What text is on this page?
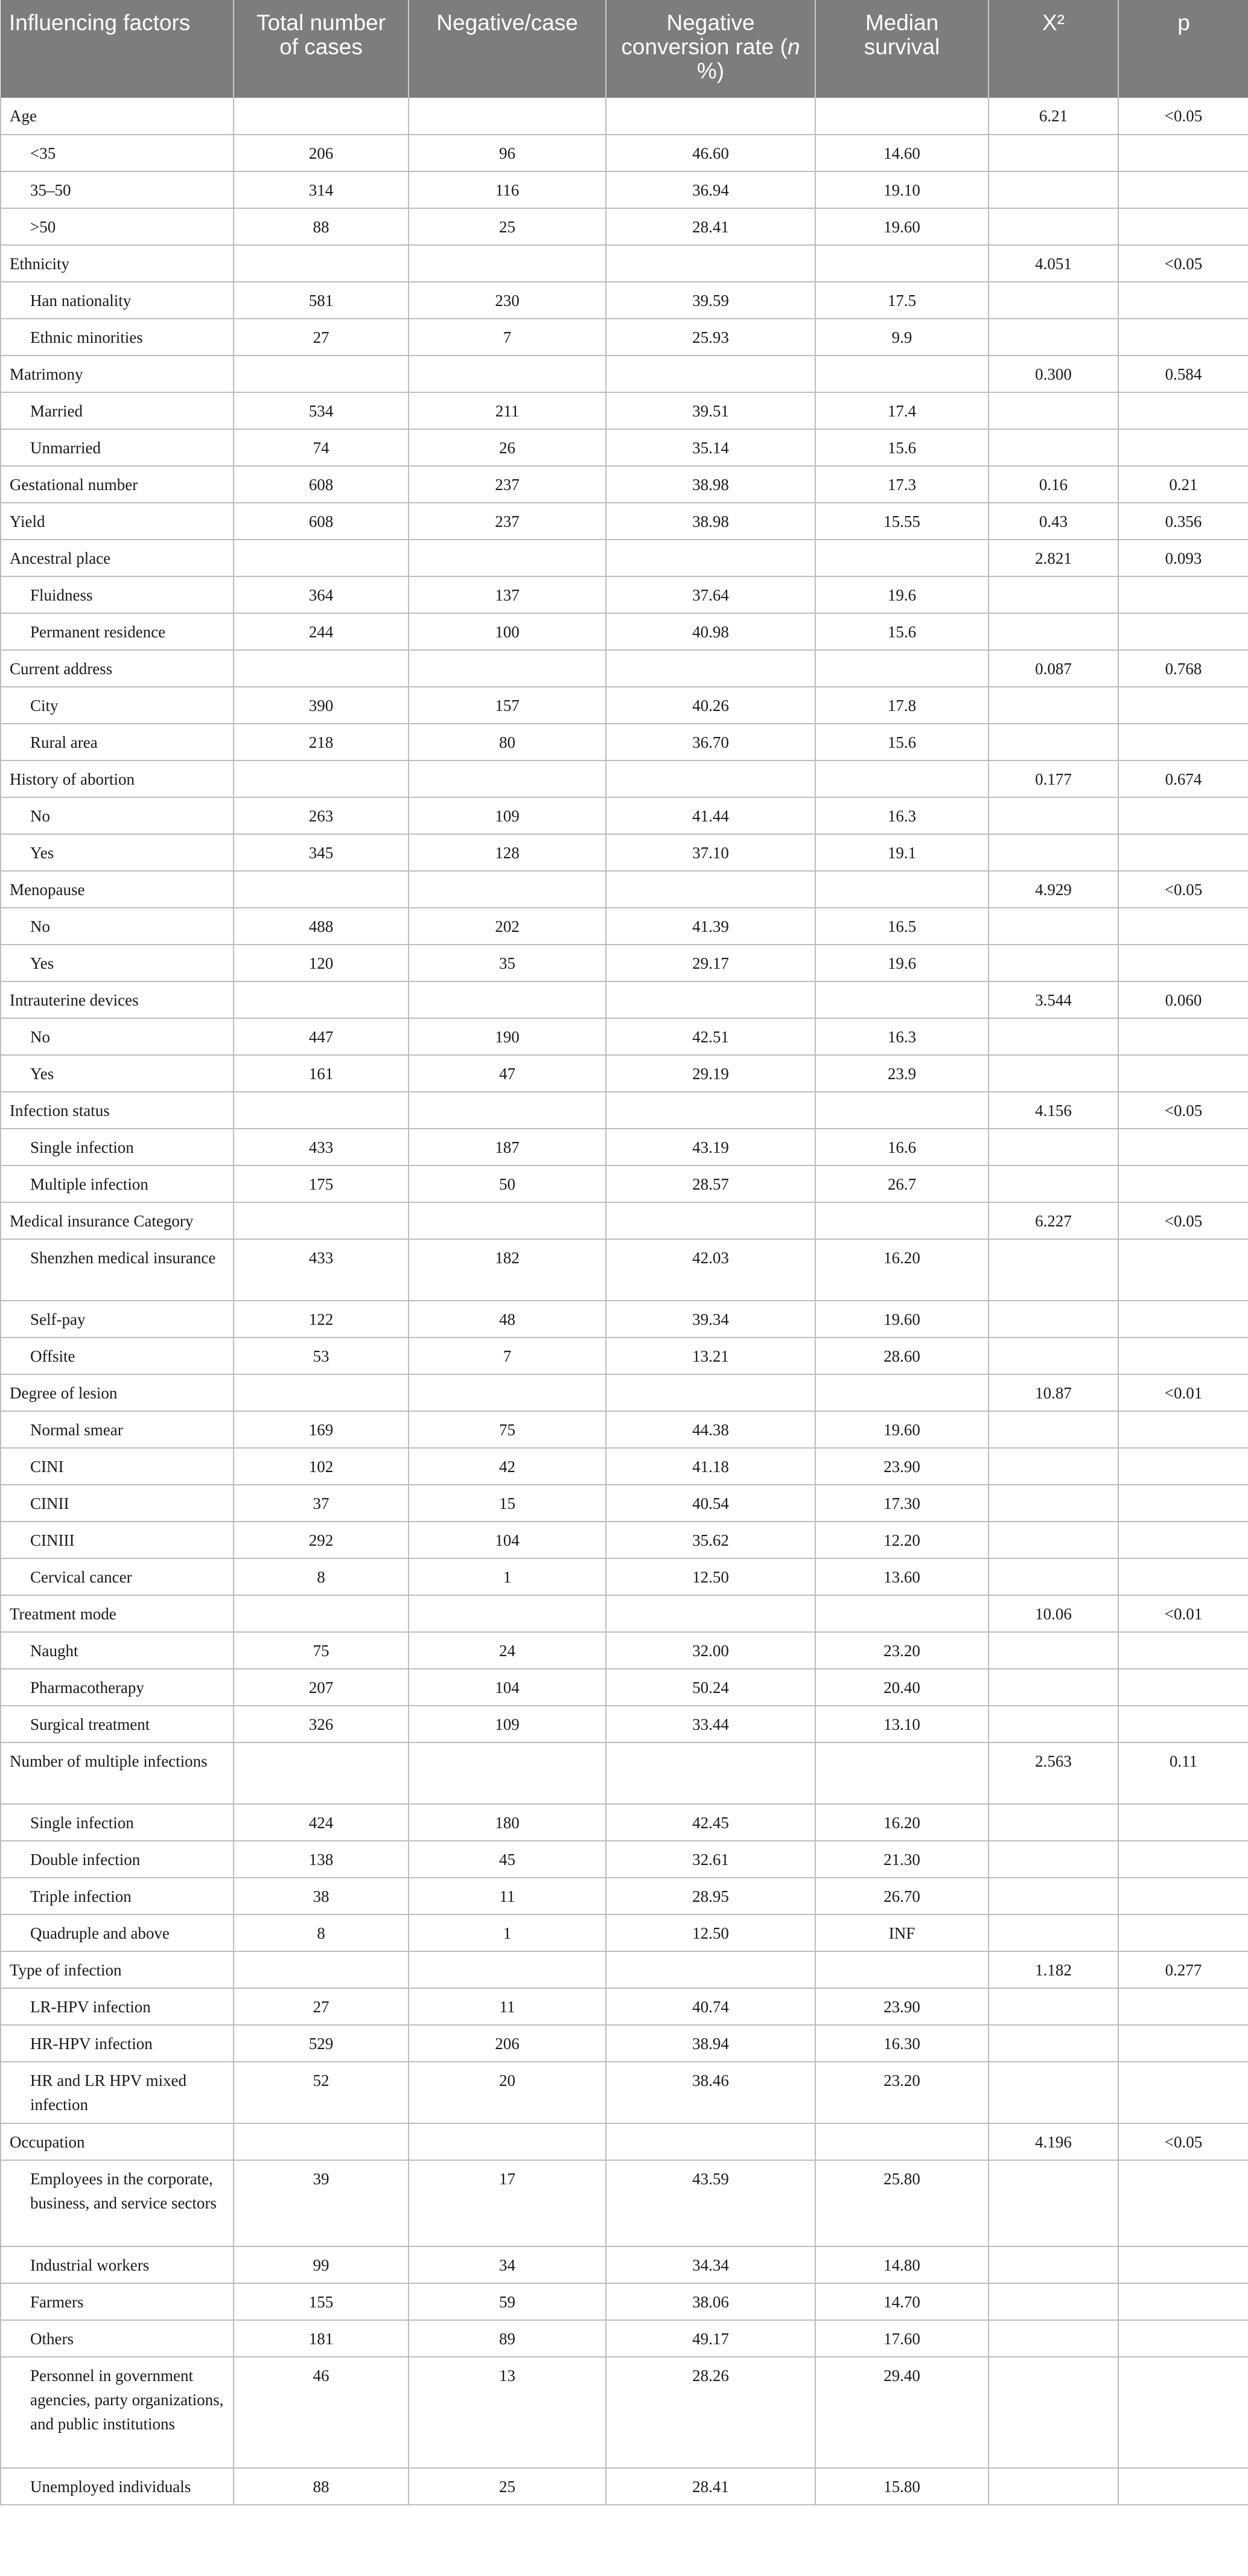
Influencing factors	Total number of cases	Negative/case	Negative conversion rate (n %)	Median survival	X²	p
Age					6.21	<0.05
<35	206	96	46.60	14.60		
35–50	314	116	36.94	19.10		
>50	88	25	28.41	19.60		
Ethnicity					4.051	<0.05
Han nationality	581	230	39.59	17.5		
Ethnic minorities	27	7	25.93	9.9		
Matrimony					0.300	0.584
Married	534	211	39.51	17.4		
Unmarried	74	26	35.14	15.6		
Gestational number	608	237	38.98	17.3	0.16	0.21
Yield	608	237	38.98	15.55	0.43	0.356
Ancestral place					2.821	0.093
Fluidness	364	137	37.64	19.6		
Permanent residence	244	100	40.98	15.6		
Current address					0.087	0.768
City	390	157	40.26	17.8		
Rural area	218	80	36.70	15.6		
History of abortion					0.177	0.674
No	263	109	41.44	16.3		
Yes	345	128	37.10	19.1		
Menopause					4.929	<0.05
No	488	202	41.39	16.5		
Yes	120	35	29.17	19.6		
Intrauterine devices					3.544	0.060
No	447	190	42.51	16.3		
Yes	161	47	29.19	23.9		
Infection status					4.156	<0.05
Single infection	433	187	43.19	16.6		
Multiple infection	175	50	28.57	26.7		
Medical insurance Category					6.227	<0.05
Shenzhen medical insurance	433	182	42.03	16.20		
Self-pay	122	48	39.34	19.60		
Offsite	53	7	13.21	28.60		
Degree of lesion					10.87	<0.01
Normal smear	169	75	44.38	19.60		
CINI	102	42	41.18	23.90		
CINII	37	15	40.54	17.30		
CINIII	292	104	35.62	12.20		
Cervical cancer	8	1	12.50	13.60		
Treatment mode					10.06	<0.01
Naught	75	24	32.00	23.20		
Pharmacotherapy	207	104	50.24	20.40		
Surgical treatment	326	109	33.44	13.10		
Number of multiple infections					2.563	0.11
Single infection	424	180	42.45	16.20		
Double infection	138	45	32.61	21.30		
Triple infection	38	11	28.95	26.70		
Quadruple and above	8	1	12.50	INF		
Type of infection					1.182	0.277
LR-HPV infection	27	11	40.74	23.90		
HR-HPV infection	529	206	38.94	16.30		
HR and LR HPV mixed infection	52	20	38.46	23.20		
Occupation					4.196	<0.05
Employees in the corporate, business, and service sectors	39	17	43.59	25.80		
Industrial workers	99	34	34.34	14.80		
Farmers	155	59	38.06	14.70		
Others	181	89	49.17	17.60		
Personnel in government agencies, party organizations, and public institutions	46	13	28.26	29.40		
Unemployed individuals	88	25	28.41	15.80		
